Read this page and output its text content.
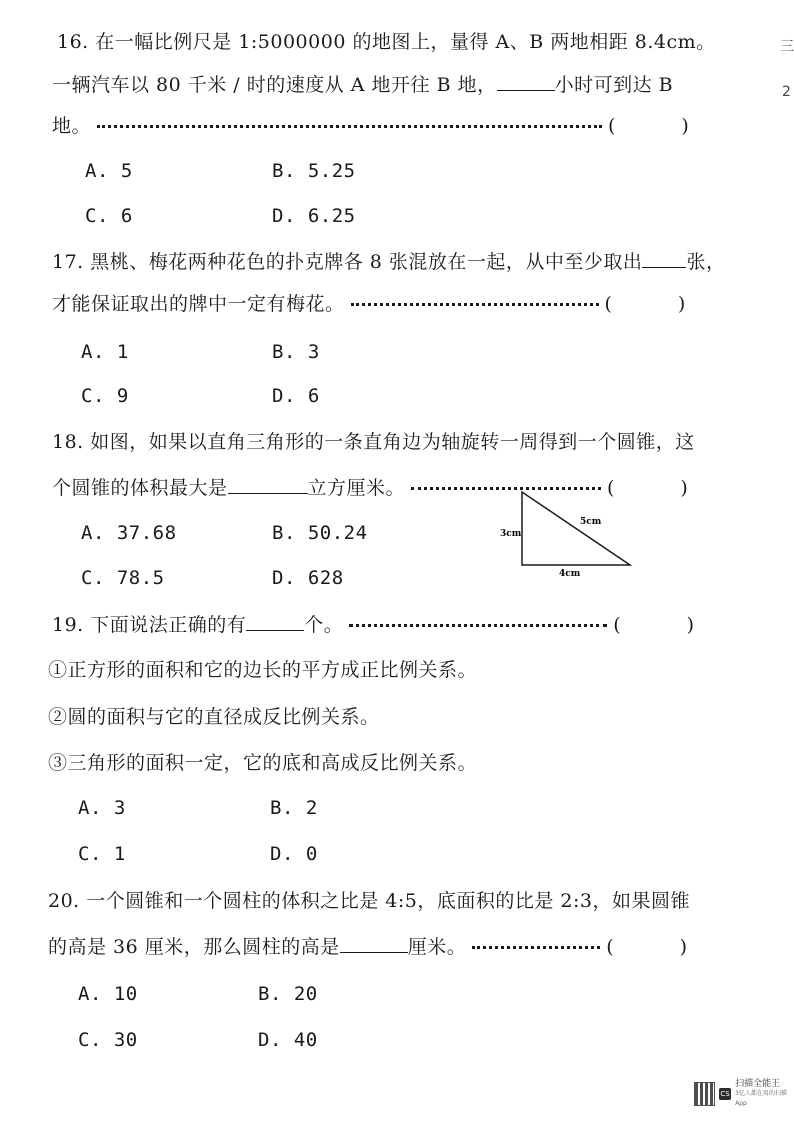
三
2
16. 在一幅比例尺是 1:5000000 的地图上，量得 A、B 两地相距 8.4cm。
一辆汽车以 80 千米 / 时的速度从 A 地开往 B 地，	小时可到达 B
地。	(          )
A. 5	B. 5.25
C. 6	D. 6.25
17. 黑桃、梅花两种花色的扑克牌各 8 张混放在一起，从中至少取出 张，
才能保证取出的牌中一定有梅花。	(          )
A. 1	B. 3
C. 9	D. 6
18. 如图，如果以直角三角形的一条直角边为轴旋转一周得到一个圆锥，这
个圆锥的体积最大是	立方厘米。	(          )
A. 37.68	B. 50.24
C. 78.5	D. 628
3cm
5cm
4cm
19. 下面说法正确的有	个。	(          )
①正方形的面积和它的边长的平方成正比例关系。
②圆的面积与它的直径成反比例关系。
③三角形的面积一定，它的底和高成反比例关系。
A. 3	B. 2
C. 1	D. 0
20. 一个圆锥和一个圆柱的体积之比是 4:5，底面积的比是 2:3，如果圆锥
的高是 36 厘米，那么圆柱的高是	厘米。	(          )
A. 10	B. 20
C. 30	D. 40
CS
扫描全能王
3亿人都在用的扫描App
